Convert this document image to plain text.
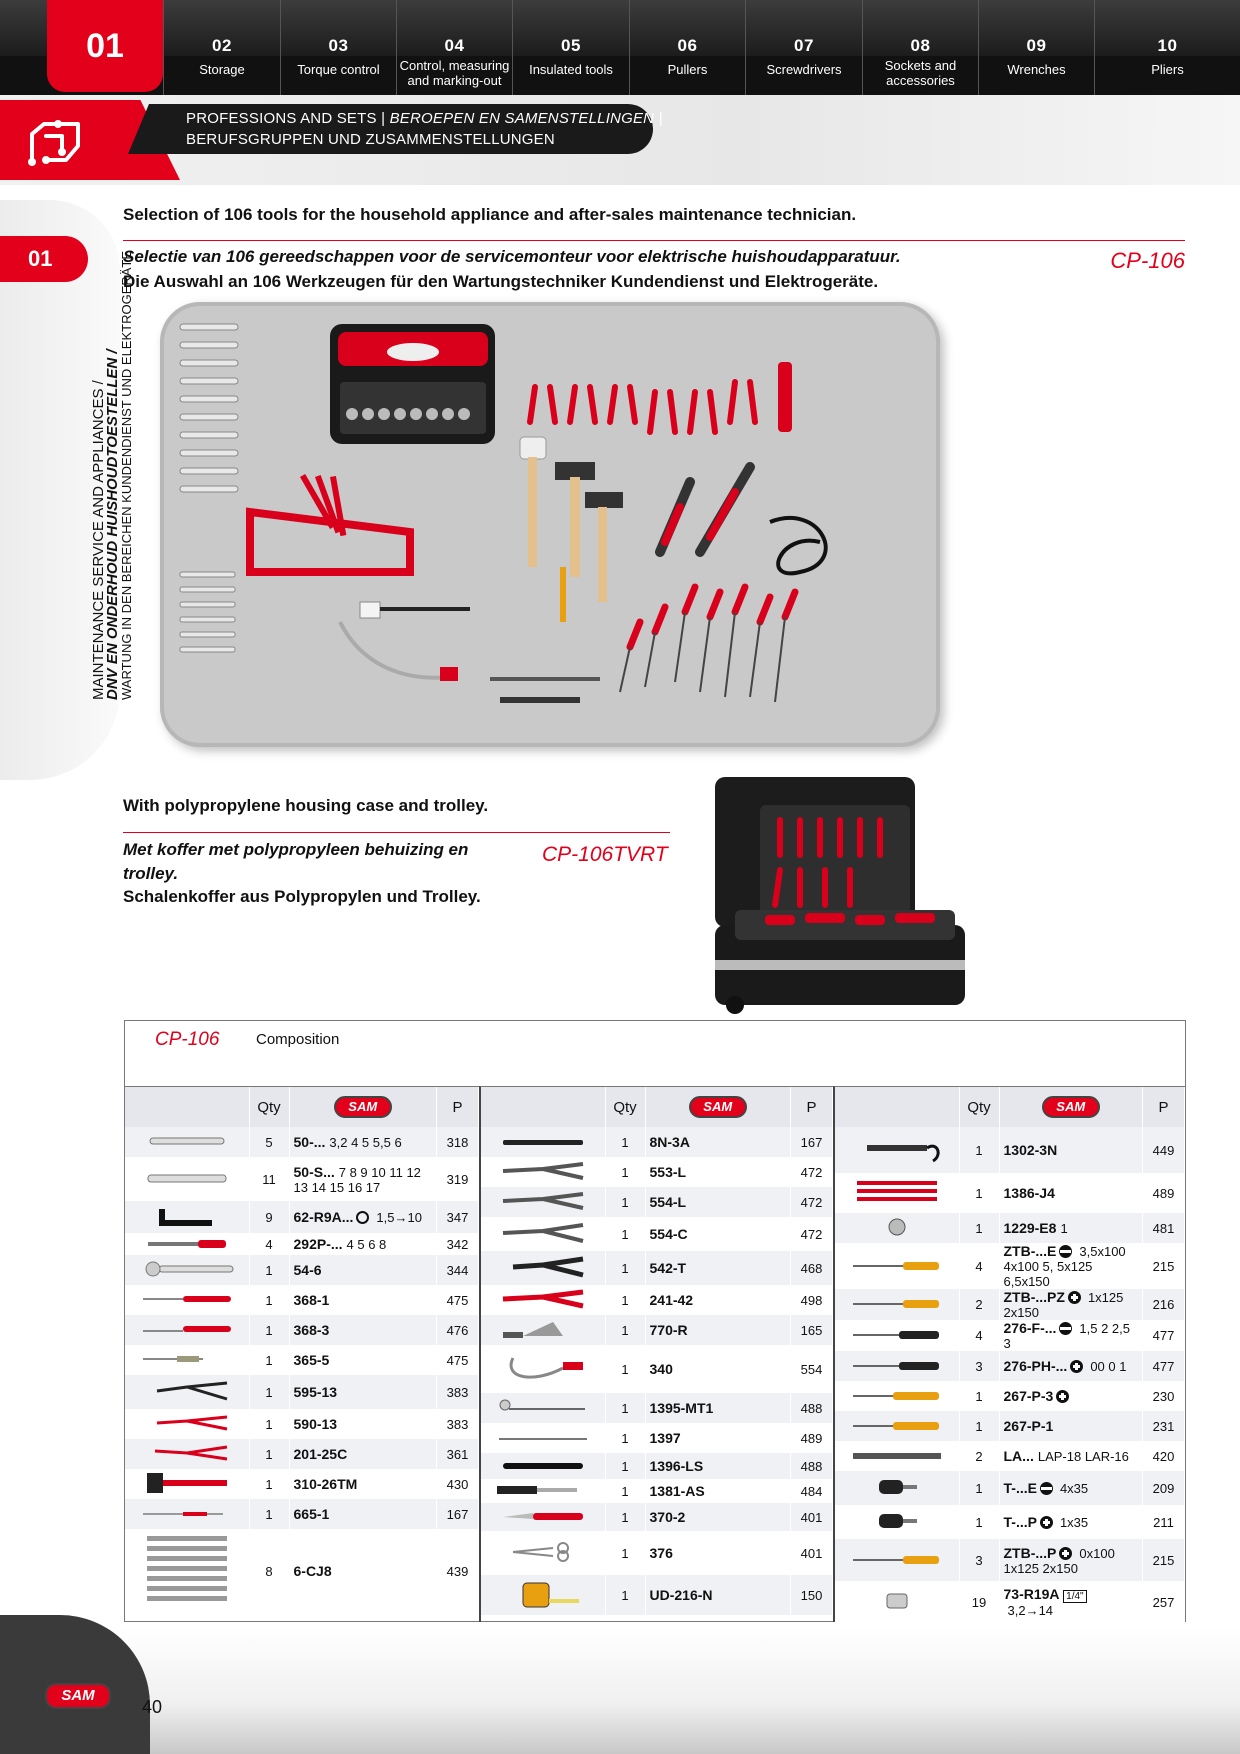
01	02
Storage
03
Torque control
04
Control, measuring and marking-out
05
Insulated tools
06
Pullers
07
Screwdrivers
08
Sockets and accessories
09
Wrenches
10
Pliers
PROFESSIONS AND SETS | BEROEPEN EN SAMENSTELLINGEN |
BERUFSGRUPPEN UND ZUSAMMENSTELLUNGEN
01
MAINTENANCE SERVICE AND APPLIANCES /
DNV EN ONDERHOUD HUISHOUDTOESTELLEN /
WARTUNG IN DEN BEREICHEN KUNDENDIENST UND ELEKTROGERÄTE
Selection of 106 tools for the household appliance and after-sales maintenance technician.
Selectie van 106 gereedschappen voor de servicemonteur voor elektrische huishoudapparatuur.
Die Auswahl an 106 Werkzeugen für den Wartungstechniker Kundendienst und Elektrogeräte.
CP-106
With polypropylene housing case and trolley.
Met koffer met polypropyleen behuizing en trolley.
Schalenkoffer aus Polypropylen und Trolley.
CP-106TVRT
CP-106 Composition
	Qty	SAM	P
	5	50-... 3,2 4 5 5,5 6	318
	11	50-S... 7 8 9 10 11 12 13 14 15 16 17	319
	9	62-R9A... 1,5→10	347
	4	292P-... 4 5 6 8	342
	1	54-6	344
	1	368-1	475
	1	368-3	476
	1	365-5	475
	1	595-13	383
	1	590-13	383
	1	201-25C	361
	1	310-26TM	430
	1	665-1	167
	8	6-CJ8	439
	Qty	SAM	P
	1	8N-3A	167
	1	553-L	472
	1	554-L	472
	1	554-C	472
	1	542-T	468
	1	241-42	498
	1	770-R	165
	1	340	554
	1	1395-MT1	488
	1	1397	489
	1	1396-LS	488
	1	1381-AS	484
	1	370-2	401
	1	376	401
	1	UD-216-N	150
	Qty	SAM	P
	1	1302-3N	449
	1	1386-J4	489
	1	1229-E8 1	481
	4	ZTB-...E 3,5x100 4x100 5, 5x125 6,5x150	215
	2	ZTB-...PZ 1x125 2x150	216
	4	276-F-... 1,5 2 2,5 3	477
	3	276-PH-... 00 0 1	477
	1	267-P-3	230
	1	267-P-1	231
	2	LA... LAP-18 LAR-16	420
	1	T-...E 4x35	209
	1	T-...P 1x35	211
	3	ZTB-...P 0x100 1x125 2x150	215
	19	73-R19A 1/4"3,2→14	257
SAM
40
